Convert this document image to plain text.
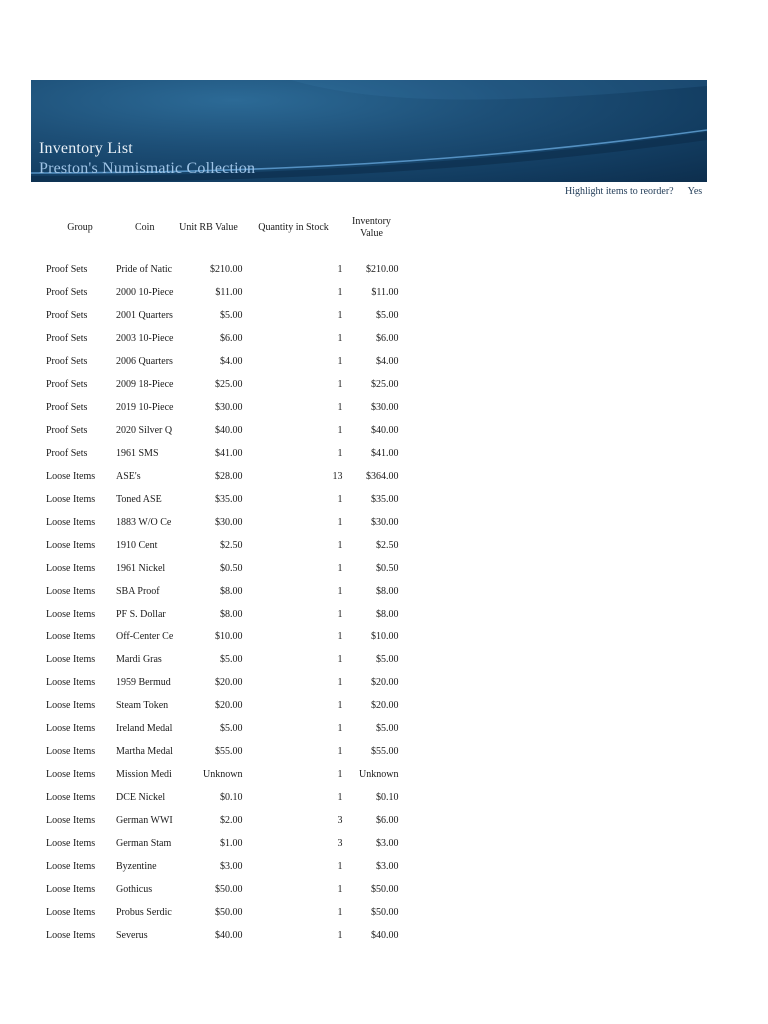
Inventory List
Preston's Numismatic Collection
Highlight items to reorder? Yes
Group	Coin	Unit RB Value	Quantity in Stock	Inventory Value

Proof Sets	Pride of Natic	$210.00	1	$210.00
Proof Sets	2000 10-Piece	$11.00	1	$11.00
Proof Sets	2001 Quarters	$5.00	1	$5.00
Proof Sets	2003 10-Piece	$6.00	1	$6.00
Proof Sets	2006 Quarters	$4.00	1	$4.00
Proof Sets	2009 18-Piece	$25.00	1	$25.00
Proof Sets	2019 10-Piece	$30.00	1	$30.00
Proof Sets	2020 Silver Q	$40.00	1	$40.00
Proof Sets	1961 SMS	$41.00	1	$41.00
Loose Items	ASE's	$28.00	13	$364.00
Loose Items	Toned ASE	$35.00	1	$35.00
Loose Items	1883 W/O Ce	$30.00	1	$30.00
Loose Items	1910 Cent	$2.50	1	$2.50
Loose Items	1961 Nickel	$0.50	1	$0.50
Loose Items	SBA Proof	$8.00	1	$8.00
Loose Items	PF S. Dollar	$8.00	1	$8.00
Loose Items	Off-Center Ce	$10.00	1	$10.00
Loose Items	Mardi Gras	$5.00	1	$5.00
Loose Items	1959 Bermud	$20.00	1	$20.00
Loose Items	Steam Token	$20.00	1	$20.00
Loose Items	Ireland Medal	$5.00	1	$5.00
Loose Items	Martha Medal	$55.00	1	$55.00
Loose Items	Mission Medi	Unknown	1	Unknown
Loose Items	DCE Nickel	$0.10	1	$0.10
Loose Items	German WWI	$2.00	3	$6.00
Loose Items	German Stam	$1.00	3	$3.00
Loose Items	Byzentine	$3.00	1	$3.00
Loose Items	Gothicus	$50.00	1	$50.00
Loose Items	Probus Serdic	$50.00	1	$50.00
Loose Items	Severus	$40.00	1	$40.00
